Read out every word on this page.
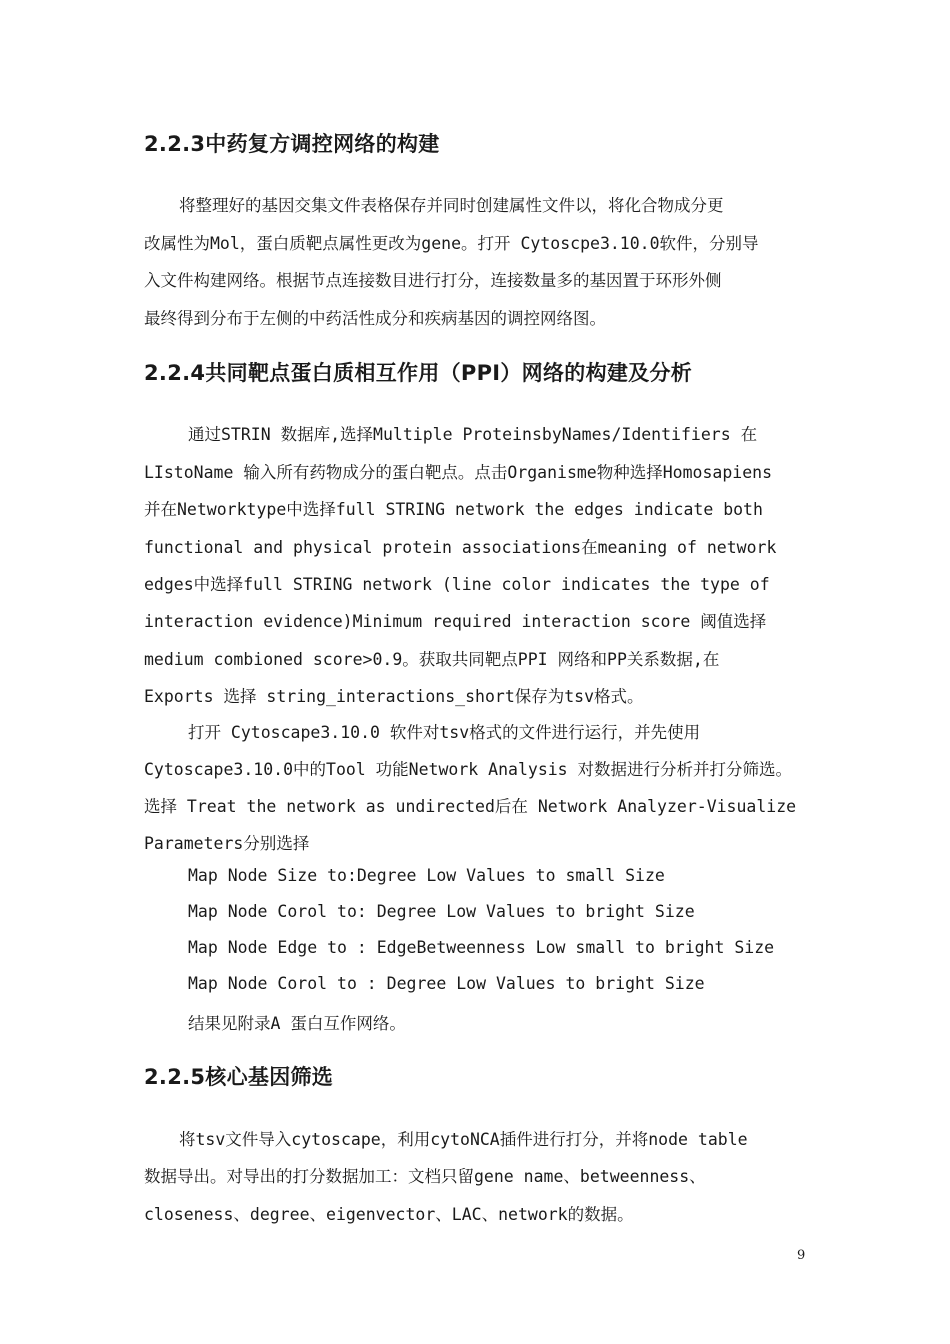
2.2.3中药复方调控网络的构建
将整理好的基因交集文件表格保存并同时创建属性文件以，将化合物成分更
改属性为Mol，蛋白质靶点属性更改为gene。打开 Cytoscpe3.10.0软件，分别导
入文件构建网络。根据节点连接数目进行打分，连接数量多的基因置于环形外侧
最终得到分布于左侧的中药活性成分和疾病基因的调控网络图。
2.2.4共同靶点蛋白质相互作用（PPI）网络的构建及分析
通过STRIN 数据库,选择Multiple ProteinsbyNames/Identifiers 在
LIstoName 输入所有药物成分的蛋白靶点。点击Organisme物种选择Homosapiens
并在Networktype中选择full STRING network the edges indicate both
functional and physical protein associations在meaning of network
edges中选择full STRING network (line color indicates the type of
interaction evidence)Minimum required interaction score 阈值选择
medium combioned score>0.9。获取共同靶点PPI 网络和PP关系数据,在
Exports 选择 string_interactions_short保存为tsv格式。
打开 Cytoscape3.10.0 软件对tsv格式的文件进行运行，并先使用
Cytoscape3.10.0中的Tool 功能Network Analysis 对数据进行分析并打分筛选。
选择 Treat the network as undirected后在 Network Analyzer-Visualize
Parameters分别选择
Map Node Size to:Degree Low Values to small Size
Map Node Corol to: Degree Low Values to bright Size
Map Node Edge to : EdgeBetweenness Low small to bright Size
Map Node Corol to : Degree Low Values to bright Size
结果见附录A 蛋白互作网络。
2.2.5核心基因筛选
将tsv文件导入cytoscape，利用cytoNCA插件进行打分，并将node table
数据导出。对导出的打分数据加工：文档只留gene name、betweenness、
closeness、degree、eigenvector、LAC、network的数据。
9
